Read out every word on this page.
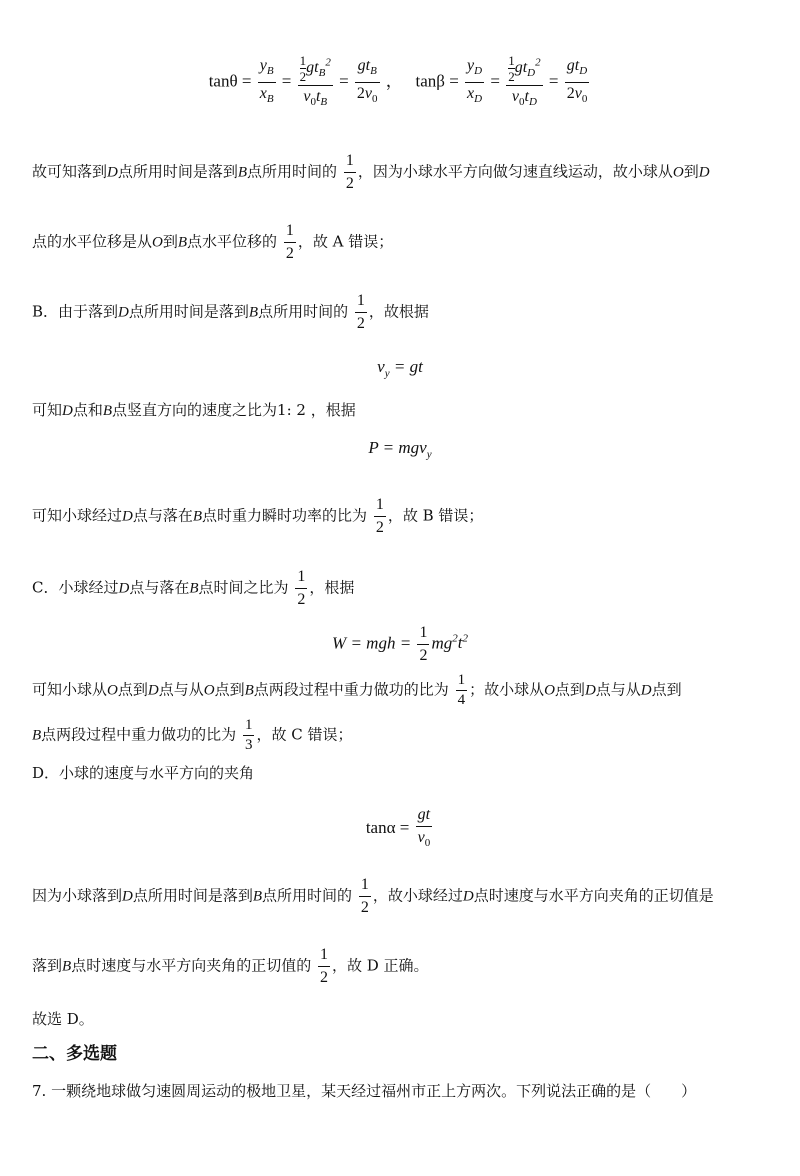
$\tan\theta = \frac{y_B}{x_B} = \frac{\frac{1}{2} gt_B^2}{v_0t_B} = \frac{gt_B}{2v_0}$ ， $\tan\beta = \frac{y_D}{x_D} = \frac{\frac{1}{2} gt_D^2}{v_0t_D} = \frac{gt_D}{2v_0}$
故可知落到D点所用时间是落到B点所用时间的 $\frac{1}{2}$ ，因为小球水平方向做匀速直线运动，故小球从O到D
点的水平位移是从O到B点水平位移的 $\frac{1}{2}$ ，故 A 错误；
B．由于落到D点所用时间是落到B点所用时间的 $\frac{1}{2}$ ，故根据
$v_y$ = gt
可知D点和B点竖直方向的速度之比为1: 2 ，根据
P = mgv$_y$
可知小球经过D点与落在B点时重力瞬时功率的比为 $\frac{1}{2}$ ，故 B 错误；
C．小球经过D点与落在B点时间之比为 $\frac{1}{2}$ ，根据
W = mgh = $\frac{1}{2} mg^2t^2$
可知小球从O点到D点与从O点到B点两段过程中重力做功的比为 $\frac{1}{4}$ ；故小球从O点到D点与从D点到
B点两段过程中重力做功的比为 $\frac{1}{3}$ ，故 C 错误；
D．小球的速度与水平方向的夹角
$\tan\alpha = \frac{gt}{v_0}$
因为小球落到D点所用时间是落到B点所用时间的 $\frac{1}{2}$ ，故小球经过D点时速度与水平方向夹角的正切值是
落到B点时速度与水平方向夹角的正切值的 $\frac{1}{2}$ ，故 D 正确。
故选 D。
二、多选题
7. 一颗绕地球做匀速圆周运动的极地卫星，某天经过福州市正上方两次。下列说法正确的是（　　）
